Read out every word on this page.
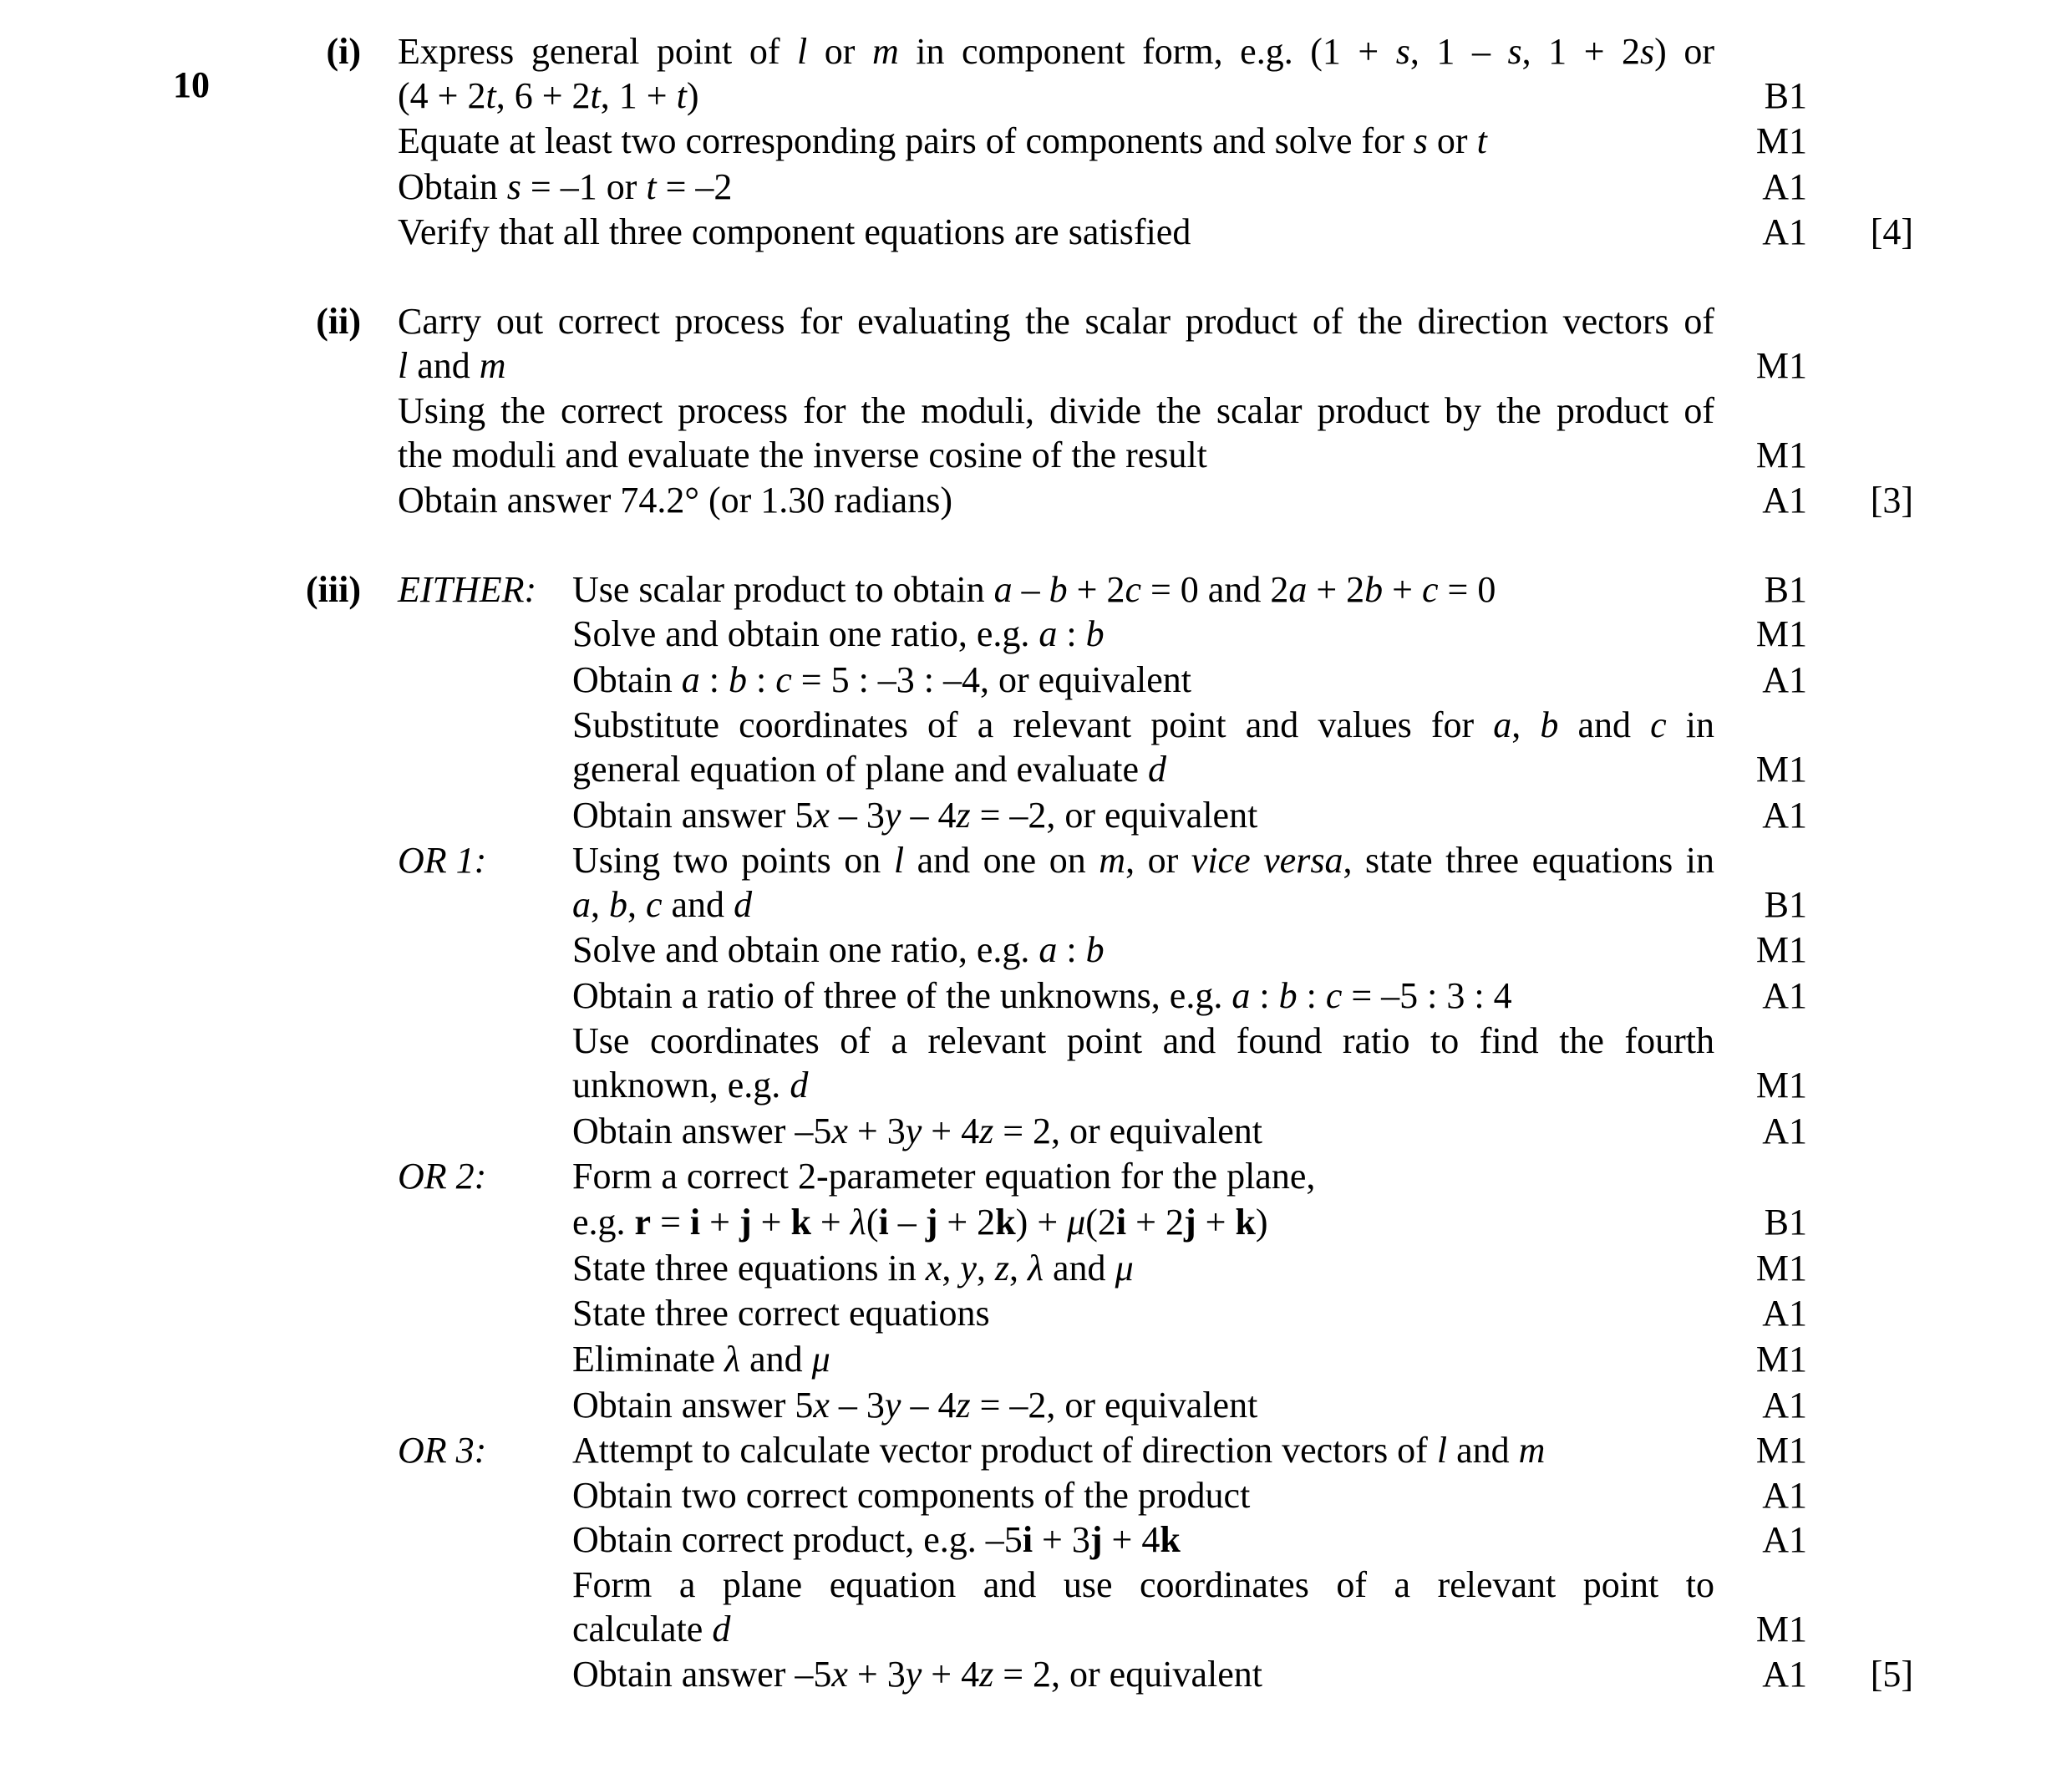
10
(i) Express general point of l or m in component form, e.g. (1 + s, 1 – s, 1 + 2s) or
(4 + 2t, 6 + 2t, 1 + t)	B1
Equate at least two corresponding pairs of components and solve for s or t	M1
Obtain s = –1 or t = –2	A1
Verify that all three component equations are satisfied	A1	[4]
(ii) Carry out correct process for evaluating the scalar product of the direction vectors of
l and m	M1
Using the correct process for the moduli, divide the scalar product by the product of
the moduli and evaluate the inverse cosine of the result	M1
Obtain answer 74.2° (or 1.30 radians)	A1	[3]
(iii) EITHER: Use scalar product to obtain a – b + 2c = 0 and 2a + 2b + c = 0	B1
Solve and obtain one ratio, e.g. a : b	M1
Obtain a : b : c = 5 : –3 : –4, or equivalent	A1
Substitute coordinates of a relevant point and values for a, b and c in
general equation of plane and evaluate d	M1
Obtain answer 5x – 3y – 4z = –2, or equivalent	A1
OR 1: Using two points on l and one on m, or vice versa, state three equations in
a, b, c and d	B1
Solve and obtain one ratio, e.g. a : b	M1
Obtain a ratio of three of the unknowns, e.g. a : b : c = –5 : 3 : 4	A1
Use coordinates of a relevant point and found ratio to find the fourth
unknown, e.g. d	M1
Obtain answer –5x + 3y + 4z = 2, or equivalent	A1
OR 2: Form a correct 2-parameter equation for the plane,
e.g. r = i + j + k + λ(i – j + 2k) + μ(2i + 2j + k)	B1
State three equations in x, y, z, λ and μ	M1
State three correct equations	A1
Eliminate λ and μ	M1
Obtain answer 5x – 3y – 4z = –2, or equivalent	A1
OR 3: Attempt to calculate vector product of direction vectors of l and m	M1
Obtain two correct components of the product	A1
Obtain correct product, e.g. –5i + 3j + 4k	A1
Form a plane equation and use coordinates of a relevant point to
calculate d	M1
Obtain answer –5x + 3y + 4z = 2, or equivalent	A1	[5]
